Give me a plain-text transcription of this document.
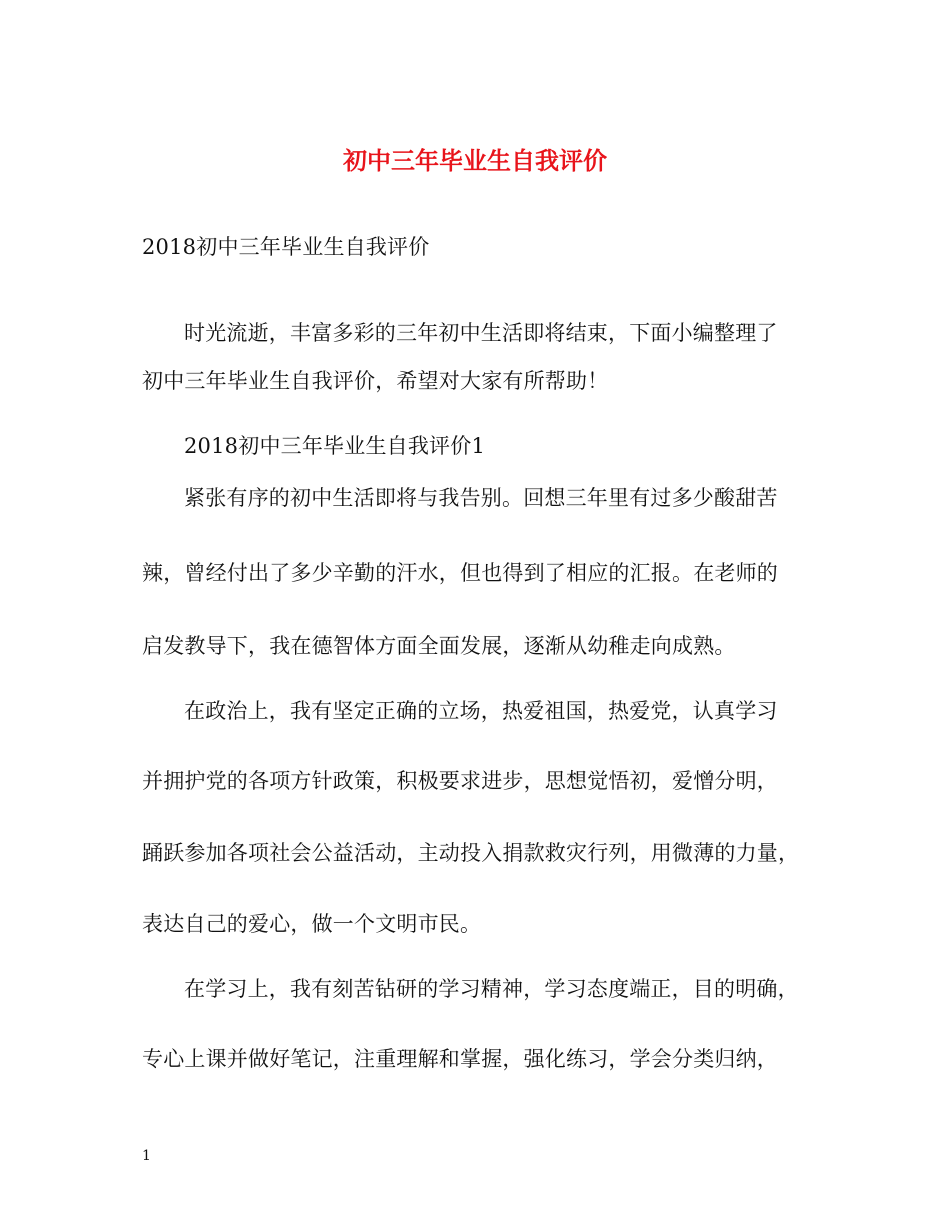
初中三年毕业生自我评价
2018初中三年毕业生自我评价
时光流逝，丰富多彩的三年初中生活即将结束，下面小编整理了
初中三年毕业生自我评价，希望对大家有所帮助！
2018初中三年毕业生自我评价1
紧张有序的初中生活即将与我告别。回想三年里有过多少酸甜苦
辣，曾经付出了多少辛勤的汗水，但也得到了相应的汇报。在老师的
启发教导下，我在德智体方面全面发展，逐渐从幼稚走向成熟。
在政治上，我有坚定正确的立场，热爱祖国，热爱党，认真学习
并拥护党的各项方针政策，积极要求进步，思想觉悟初，爱憎分明，
踊跃参加各项社会公益活动，主动投入捐款救灾行列，用微薄的力量，
表达自己的爱心，做一个文明市民。
在学习上，我有刻苦钻研的学习精神，学习态度端正，目的明确，
专心上课并做好笔记，注重理解和掌握，强化练习，学会分类归纳，
1
